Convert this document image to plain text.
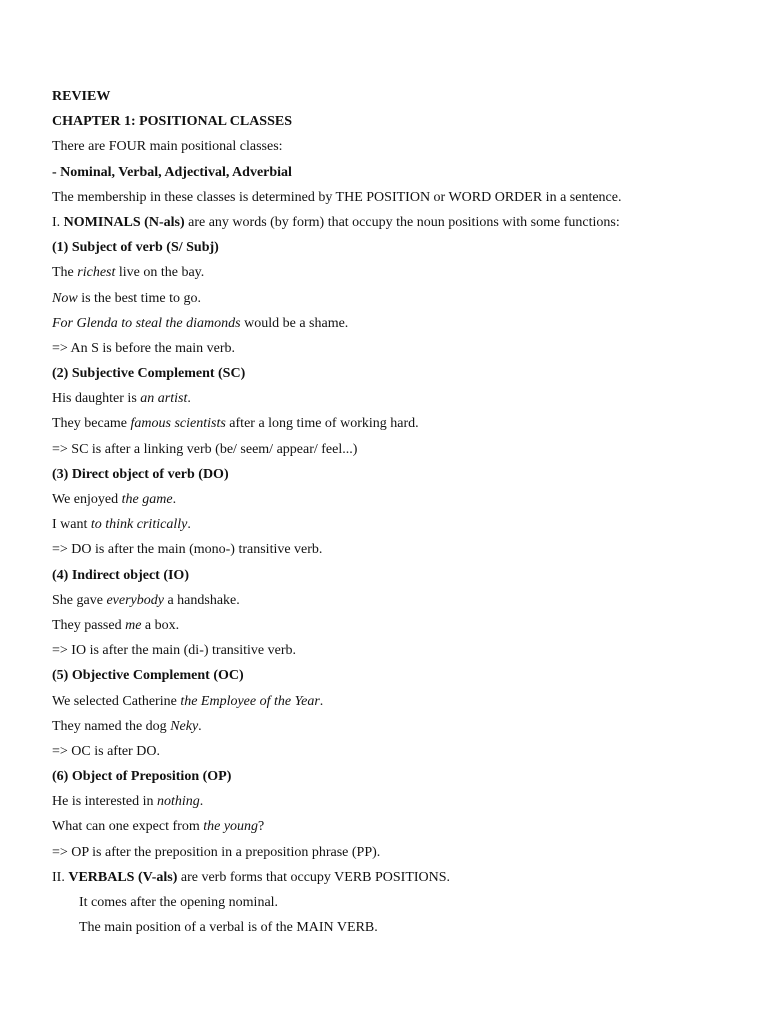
REVIEW
CHAPTER 1: POSITIONAL CLASSES
There are FOUR main positional classes:
- Nominal, Verbal, Adjectival, Adverbial
The membership in these classes is determined by THE POSITION or WORD ORDER in a sentence.
I. NOMINALS (N-als) are any words (by form) that occupy the noun positions with some functions:
(1) Subject of verb (S/ Subj)
The richest live on the bay.
Now is the best time to go.
For Glenda to steal the diamonds would be a shame.
=> An S is before the main verb.
(2) Subjective Complement (SC)
His daughter is an artist.
They became famous scientists after a long time of working hard.
=> SC is after a linking verb (be/ seem/ appear/ feel...)
(3) Direct object of verb (DO)
We enjoyed the game.
I want to think critically.
=> DO is after the main (mono-) transitive verb.
(4) Indirect object (IO)
She gave everybody a handshake.
They passed me a box.
=> IO is after the main (di-) transitive verb.
(5) Objective Complement (OC)
We selected Catherine the Employee of the Year.
They named the dog Neky.
=> OC is after DO.
(6) Object of Preposition (OP)
He is interested in nothing.
What can one expect from the young?
=> OP is after the preposition in a preposition phrase (PP).
II. VERBALS (V-als) are verb forms that occupy VERB POSITIONS.
It comes after the opening nominal.
The main position of a verbal is of the MAIN VERB.
